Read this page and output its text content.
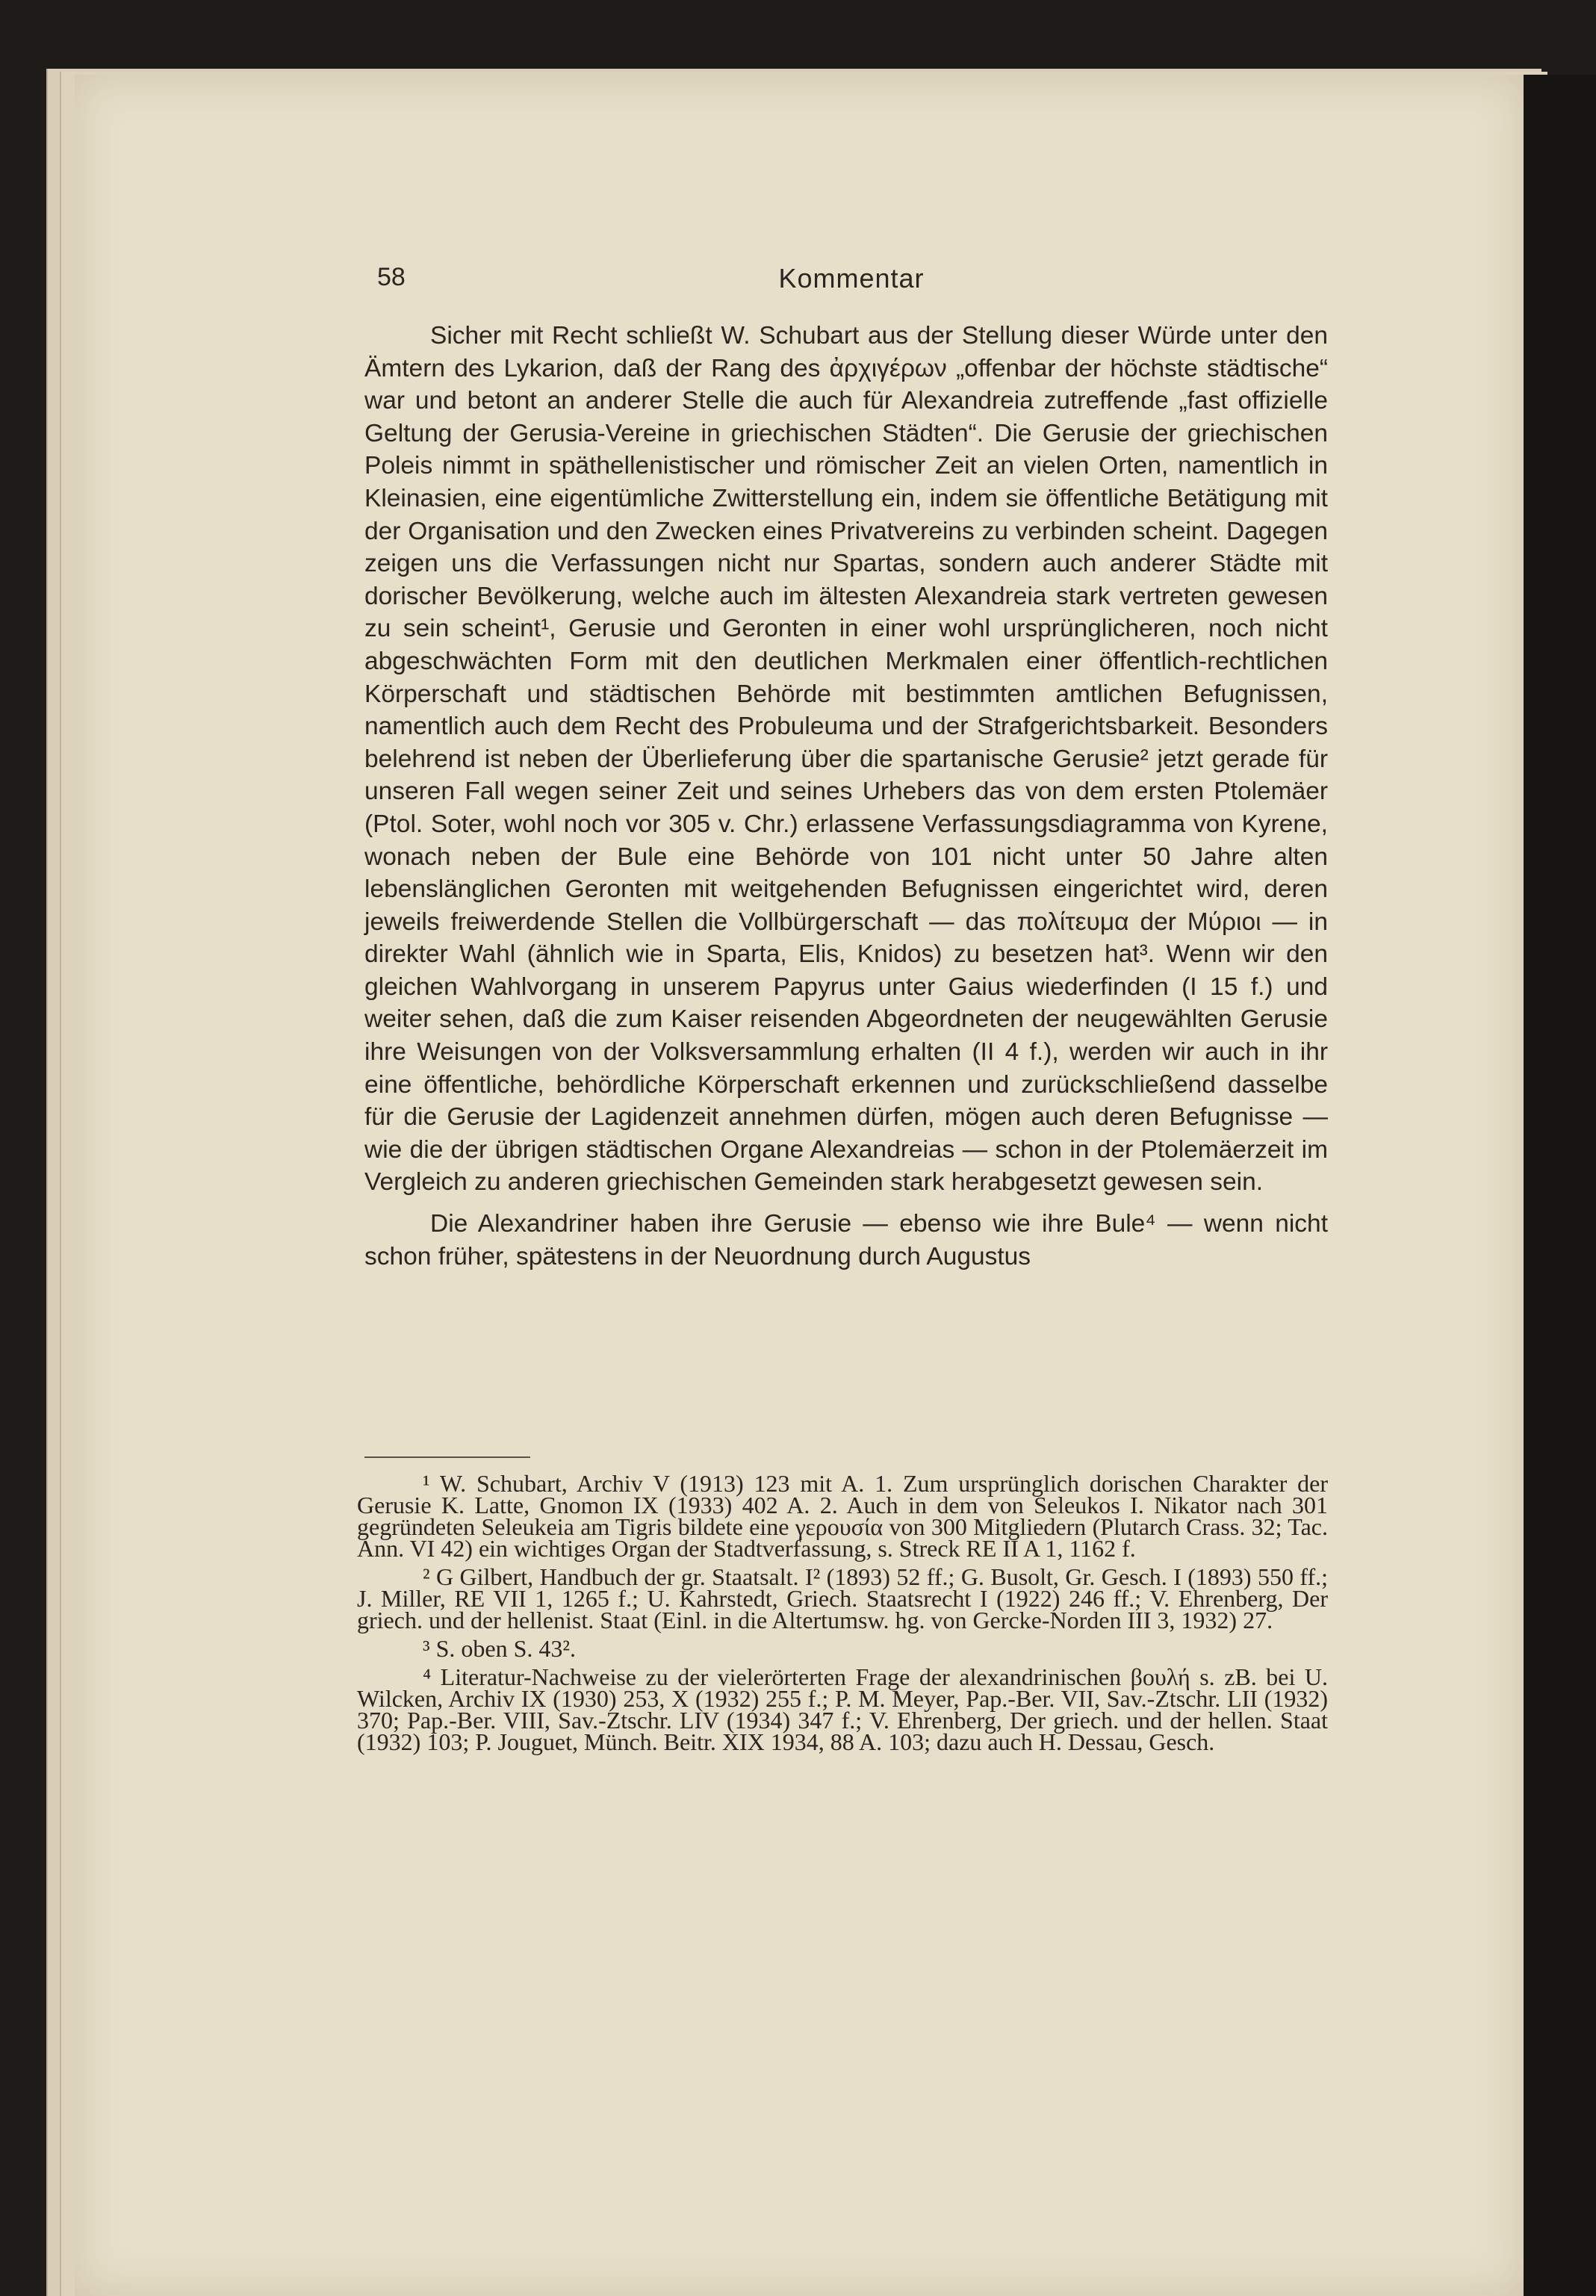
58	Kommentar

Sicher mit Recht schließt W. Schubart aus der Stellung dieser Würde unter den Ämtern des Lykarion, daß der Rang des ἀρχιγέρων „offenbar der höchste städtische“ war und betont an anderer Stelle die auch für Alexandreia zutreffende „fast offizielle Geltung der Gerusia-Vereine in griechischen Städten“. Die Gerusie der griechischen Poleis nimmt in späthellenistischer und römischer Zeit an vielen Orten, namentlich in Kleinasien, eine eigentümliche Zwitterstellung ein, indem sie öffentliche Betätigung mit der Organisation und den Zwecken eines Privatvereins zu verbinden scheint. Dagegen zeigen uns die Verfassungen nicht nur Spartas, sondern auch anderer Städte mit dorischer Bevölkerung, welche auch im ältesten Alexandreia stark vertreten gewesen zu sein scheint¹, Gerusie und Geronten in einer wohl ursprünglicheren, noch nicht abgeschwächten Form mit den deutlichen Merkmalen einer öffentlich-rechtlichen Körperschaft und städtischen Behörde mit bestimmten amtlichen Befugnissen, namentlich auch dem Recht des Probuleuma und der Strafgerichtsbarkeit. Besonders belehrend ist neben der Überlieferung über die spartanische Gerusie² jetzt gerade für unseren Fall wegen seiner Zeit und seines Urhebers das von dem ersten Ptolemäer (Ptol. Soter, wohl noch vor 305 v. Chr.) erlassene Verfassungsdiagramma von Kyrene, wonach neben der Bule eine Behörde von 101 nicht unter 50 Jahre alten lebenslänglichen Geronten mit weitgehenden Befugnissen eingerichtet wird, deren jeweils freiwerdende Stellen die Vollbürgerschaft — das πολίτευμα der Μύριοι — in direkter Wahl (ähnlich wie in Sparta, Elis, Knidos) zu besetzen hat³. Wenn wir den gleichen Wahlvorgang in unserem Papyrus unter Gaius wiederfinden (I 15 f.) und weiter sehen, daß die zum Kaiser reisenden Abgeordneten der neugewählten Gerusie ihre Weisungen von der Volksversammlung erhalten (II 4 f.), werden wir auch in ihr eine öffentliche, behördliche Körperschaft erkennen und zurückschließend dasselbe für die Gerusie der Lagidenzeit annehmen dürfen, mögen auch deren Befugnisse — wie die der übrigen städtischen Organe Alexandreias — schon in der Ptolemäerzeit im Vergleich zu anderen griechischen Gemeinden stark herabgesetzt gewesen sein.

Die Alexandriner haben ihre Gerusie — ebenso wie ihre Bule⁴ — wenn nicht schon früher, spätestens in der Neuordnung durch Augustus

¹ W. Schubart, Archiv V (1913) 123 mit A. 1. Zum ursprünglich dorischen Charakter der Gerusie K. Latte, Gnomon IX (1933) 402 A. 2. Auch in dem von Seleukos I. Nikator nach 301 gegründeten Seleukeia am Tigris bildete eine γερουσία von 300 Mitgliedern (Plutarch Crass. 32; Tac. Ann. VI 42) ein wichtiges Organ der Stadtverfassung, s. Streck RE II A 1, 1162 f.

² G Gilbert, Handbuch der gr. Staatsalt. I² (1893) 52 ff.; G. Busolt, Gr. Gesch. I (1893) 550 ff.; J. Miller, RE VII 1, 1265 f.; U. Kahrstedt, Griech. Staatsrecht I (1922) 246 ff.; V. Ehrenberg, Der griech. und der hellenist. Staat (Einl. in die Altertumsw. hg. von Gercke-Norden III 3, 1932) 27.

³ S. oben S. 43².

⁴ Literatur-Nachweise zu der vielerörterten Frage der alexandrinischen βουλή s. zB. bei U. Wilcken, Archiv IX (1930) 253, X (1932) 255 f.; P. M. Meyer, Pap.-Ber. VII, Sav.-Ztschr. LII (1932) 370; Pap.-Ber. VIII, Sav.-Ztschr. LIV (1934) 347 f.; V. Ehrenberg, Der griech. und der hellen. Staat (1932) 103; P. Jouguet, Münch. Beitr. XIX 1934, 88 A. 103; dazu auch H. Dessau, Gesch.
